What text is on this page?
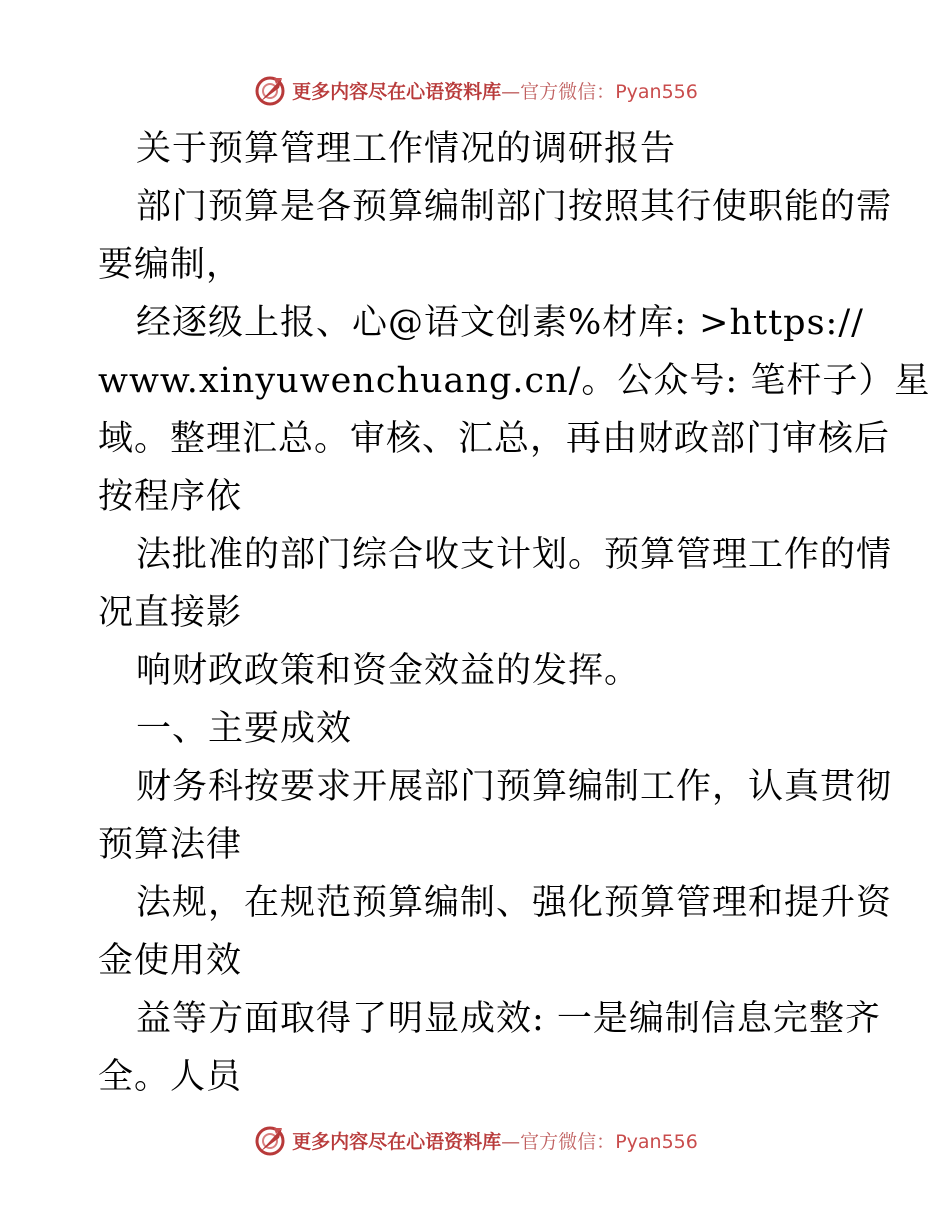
更多内容尽在心语资料库—官方微信：Pyan556
关于预算管理工作情况的调研报告
部门预算是各预算编制部门按照其行使职能的需
要编制，
经逐级上报、心@语文创素%材库: >https://
www.xinyuwenchuang.cn/。公众号: 笔杆子）星
域。整理汇总。审核、汇总，再由财政部门审核后
按程序依
法批准的部门综合收支计划。预算管理工作的情
况直接影
响财政政策和资金效益的发挥。
一、主要成效
财务科按要求开展部门预算编制工作，认真贯彻
预算法律
法规，在规范预算编制、强化预算管理和提升资
金使用效
益等方面取得了明显成效: 一是编制信息完整齐
全。人员
更多内容尽在心语资料库—官方微信：Pyan556
